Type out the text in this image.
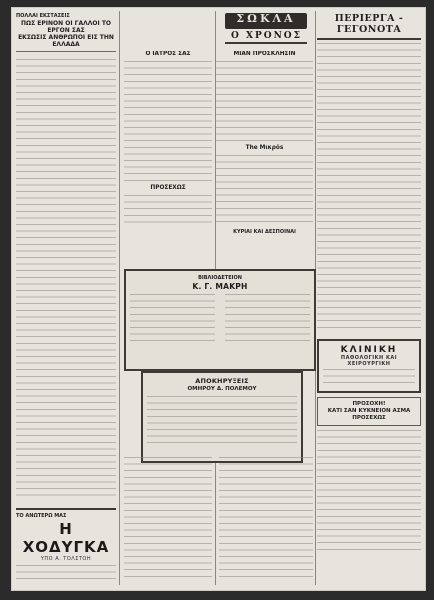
ΠΟΛΛΑΙ ΕΚΣΤΑΣΕΙΣ
ΠΩΣ ΕΡΙΝΟΝ ΟΙ ΓΑΛΛΟΙ ΤΟ ΕΡΓΟΝ ΣΑΣ
ΕΚΣΩΣΙΣ ΑΝΘΡΩΠΟΙ ΕΙΣ ΤΗΝ ΕΛΛΑΔΑ

ΤΟ ΑΝΩΤΕΡΩ ΜΑΣ
Η ΧΟΔΥΓΚΑ
ΥΠΟ Α. ΤΟΛΣΤΟΗ
ΣΩΚΛΑ
Ο ΧΡΟΝΟΣ
Ο ΙΑΤΡΟΣ ΣΑΣ
ΠΡΟΣΕΧΩΣ
ΒΙΒΛΙΟΔΕΤΕΙΟΝ
Κ. Γ. ΜΑΚΡΗ
ΑΠΟΚΗΡΥΞΕΙΣ
ΟΜΗΡΟΥ Δ. ΠΟΛΕΜΟΥ
ΜΙΑΝ ΠΡΟΣΚΛΗΣΙΝ
The Μικρόs
ΚΥΡΙΑΙ ΚΑΙ ΔΕΣΠΟΙΝΑΙ
ΠΕΡΙΕΡΓΑ - ΓΕΓΟΝΟΤΑ
ΚΛΙΝΙΚΗ
ΠΑΘΟΛΟΓΙΚΗ ΚΑΙ ΧΕΙΡΟΥΡΓΙΚΗ
ΠΡΟΣΟΧΗ!
ΚΑΤΙ ΣΑΝ ΚΥΚΝΕΙΟΝ ΑΣΜΑ
ΠΡΟΣΕΧΩΣ
